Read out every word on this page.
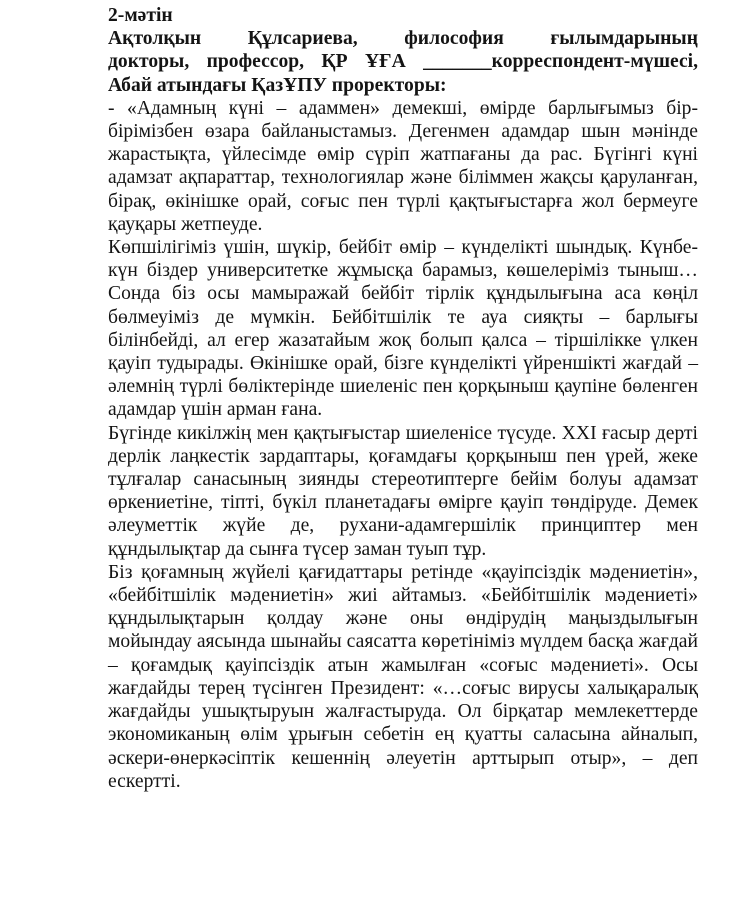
2-мәтін
Ақтолқын Құлсариева, философия ғылымдарының
докторы, профессор, ҚР ҰҒА _______корреспондент-мүшесі,
Абай атындағы ҚазҰПУ проректоры:

- «Адамның күні – адаммен» демекші, өмірде барлығымыз бір-бірімізбен өзара байланыстамыз. Дегенмен адамдар шын мәнінде жарастықта, үйлесімде өмір сүріп жатпағаны да рас. Бүгінгі күні адамзат ақпараттар, технологиялар және біліммен жақсы қаруланған, бірақ, өкінішке орай, соғыс пен түрлі қақтығыстарға жол бермеуге қауқары жетпеуде.

Көпшілігіміз үшін, шүкір, бейбіт өмір – күнделікті шындық. Күнбе-күн біздер университетке жұмысқа барамыз, көшелеріміз тыныш… Сонда біз осы мамыражай бейбіт тірлік құндылығына аса көңіл бөлмеуіміз де мүмкін. Бейбітшілік те ауа сияқты – барлығы білінбейді, ал егер жазатайым жоқ болып қалса – тіршілікке үлкен қауіп тудырады. Өкінішке орай, бізге күнделікті үйреншікті жағдай – әлемнің түрлі бөліктерінде шиеленіс пен қорқыныш қаупіне бөленген адамдар үшін арман ғана.

Бүгінде кикілжің мен қақтығыстар шиеленісе түсуде. XXI ғасыр дерті дерлік лаңкестік зардаптары, қоғамдағы қорқыныш пен үрей, жеке тұлғалар санасының зиянды стереотиптерге бейім болуы адамзат өркениетіне, тіпті, бүкіл планетадағы өмірге қауіп төндіруде. Демек әлеуметтік жүйе де, рухани-адамгершілік принциптер мен құндылықтар да сынға түсер заман туып тұр.

Біз қоғамның жүйелі қағидаттары ретінде «қауіпсіздік мәдениетін», «бейбітшілік мәдениетін» жиі айтамыз. «Бейбітшілік мәдениеті» құндылықтарын қолдау және оны өндірудің маңыздылығын мойындау аясында шынайы саясатта көретініміз мүлдем басқа жағдай – қоғамдық қауіпсіздік атын жамылған «соғыс мәдениеті». Осы жағдайды терең түсінген Президент: «…соғыс вирусы халықаралық жағдайды ушықтыруын жалғастыруда. Ол бірқатар мемлекеттерде экономиканың өлім ұрығын себетін ең қуатты саласына айналып, әскери-өнеркәсіптік кешеннің әлеуетін арттырып отыр», – деп ескертті.
